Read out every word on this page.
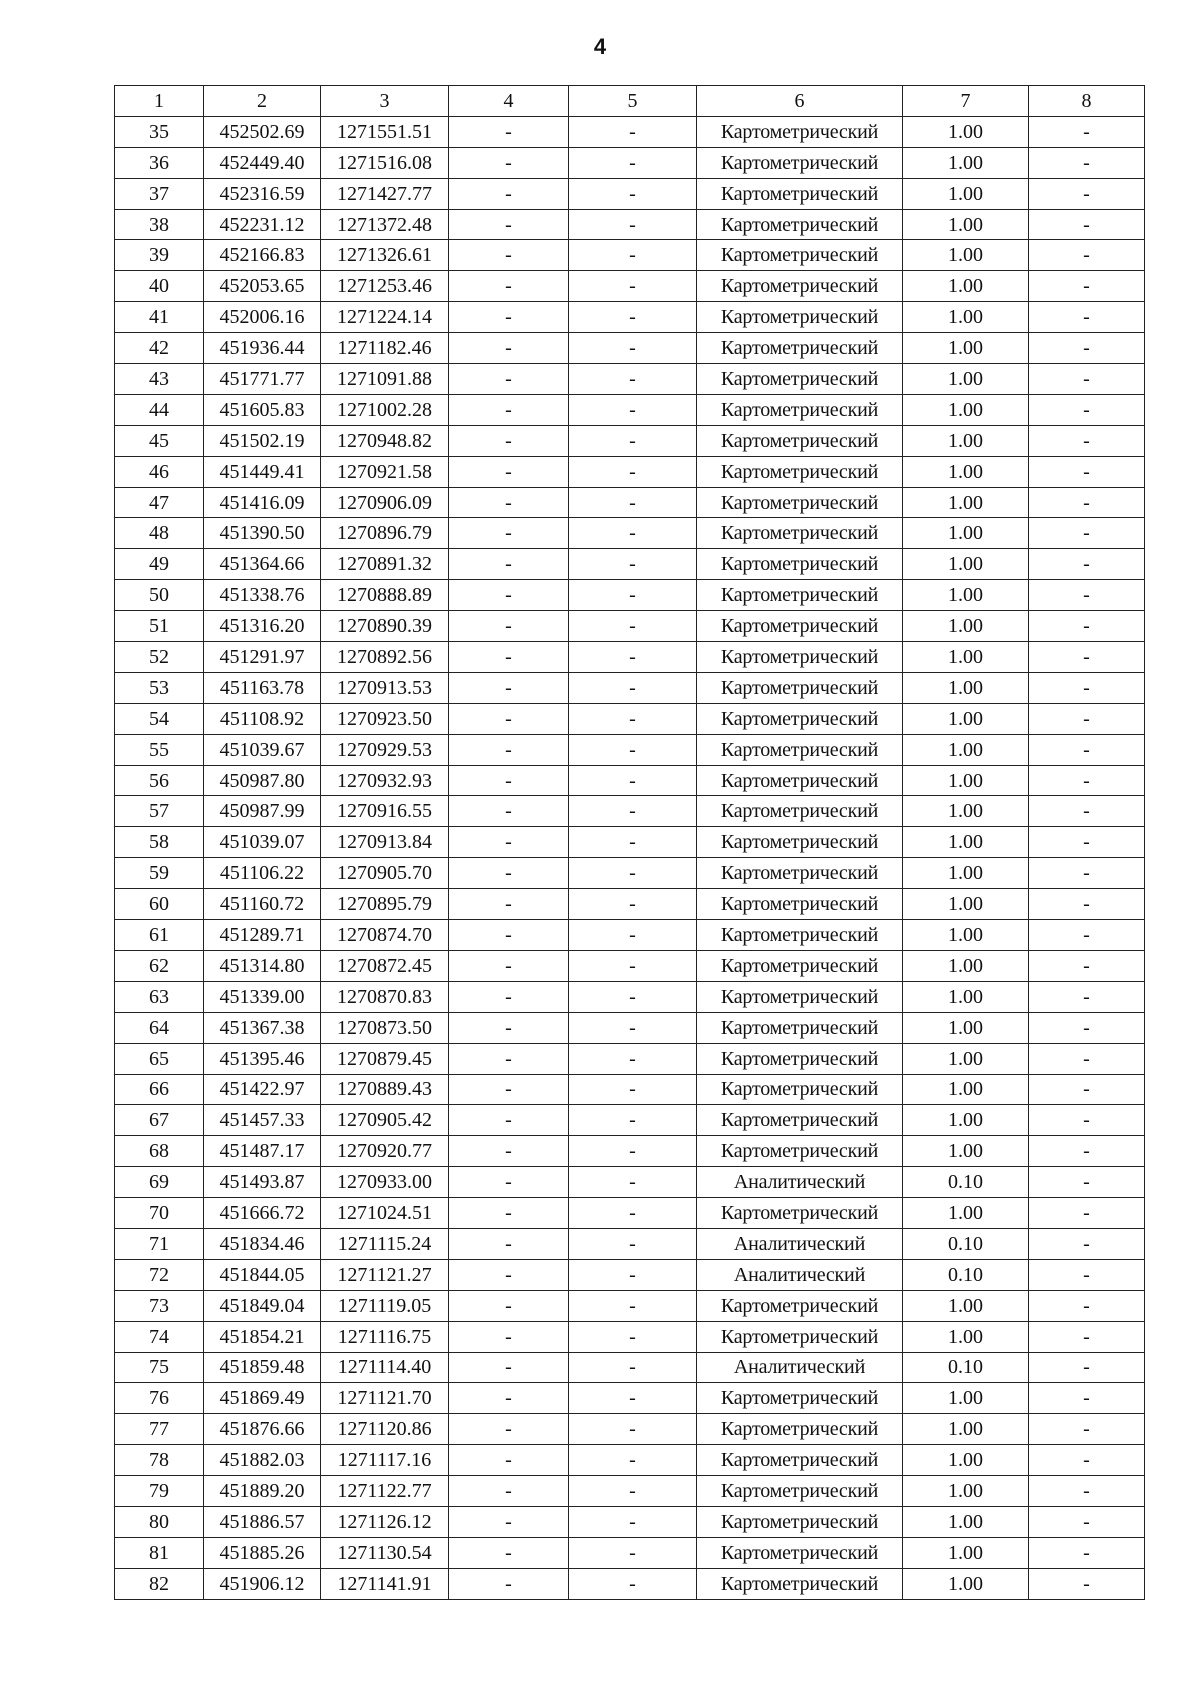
4
1	2	3	4	5	6	7	8
35	452502.69	1271551.51	-	-	Картометрический	1.00	-
36	452449.40	1271516.08	-	-	Картометрический	1.00	-
37	452316.59	1271427.77	-	-	Картометрический	1.00	-
38	452231.12	1271372.48	-	-	Картометрический	1.00	-
39	452166.83	1271326.61	-	-	Картометрический	1.00	-
40	452053.65	1271253.46	-	-	Картометрический	1.00	-
41	452006.16	1271224.14	-	-	Картометрический	1.00	-
42	451936.44	1271182.46	-	-	Картометрический	1.00	-
43	451771.77	1271091.88	-	-	Картометрический	1.00	-
44	451605.83	1271002.28	-	-	Картометрический	1.00	-
45	451502.19	1270948.82	-	-	Картометрический	1.00	-
46	451449.41	1270921.58	-	-	Картометрический	1.00	-
47	451416.09	1270906.09	-	-	Картометрический	1.00	-
48	451390.50	1270896.79	-	-	Картометрический	1.00	-
49	451364.66	1270891.32	-	-	Картометрический	1.00	-
50	451338.76	1270888.89	-	-	Картометрический	1.00	-
51	451316.20	1270890.39	-	-	Картометрический	1.00	-
52	451291.97	1270892.56	-	-	Картометрический	1.00	-
53	451163.78	1270913.53	-	-	Картометрический	1.00	-
54	451108.92	1270923.50	-	-	Картометрический	1.00	-
55	451039.67	1270929.53	-	-	Картометрический	1.00	-
56	450987.80	1270932.93	-	-	Картометрический	1.00	-
57	450987.99	1270916.55	-	-	Картометрический	1.00	-
58	451039.07	1270913.84	-	-	Картометрический	1.00	-
59	451106.22	1270905.70	-	-	Картометрический	1.00	-
60	451160.72	1270895.79	-	-	Картометрический	1.00	-
61	451289.71	1270874.70	-	-	Картометрический	1.00	-
62	451314.80	1270872.45	-	-	Картометрический	1.00	-
63	451339.00	1270870.83	-	-	Картометрический	1.00	-
64	451367.38	1270873.50	-	-	Картометрический	1.00	-
65	451395.46	1270879.45	-	-	Картометрический	1.00	-
66	451422.97	1270889.43	-	-	Картометрический	1.00	-
67	451457.33	1270905.42	-	-	Картометрический	1.00	-
68	451487.17	1270920.77	-	-	Картометрический	1.00	-
69	451493.87	1270933.00	-	-	Аналитический	0.10	-
70	451666.72	1271024.51	-	-	Картометрический	1.00	-
71	451834.46	1271115.24	-	-	Аналитический	0.10	-
72	451844.05	1271121.27	-	-	Аналитический	0.10	-
73	451849.04	1271119.05	-	-	Картометрический	1.00	-
74	451854.21	1271116.75	-	-	Картометрический	1.00	-
75	451859.48	1271114.40	-	-	Аналитический	0.10	-
76	451869.49	1271121.70	-	-	Картометрический	1.00	-
77	451876.66	1271120.86	-	-	Картометрический	1.00	-
78	451882.03	1271117.16	-	-	Картометрический	1.00	-
79	451889.20	1271122.77	-	-	Картометрический	1.00	-
80	451886.57	1271126.12	-	-	Картометрический	1.00	-
81	451885.26	1271130.54	-	-	Картометрический	1.00	-
82	451906.12	1271141.91	-	-	Картометрический	1.00	-
